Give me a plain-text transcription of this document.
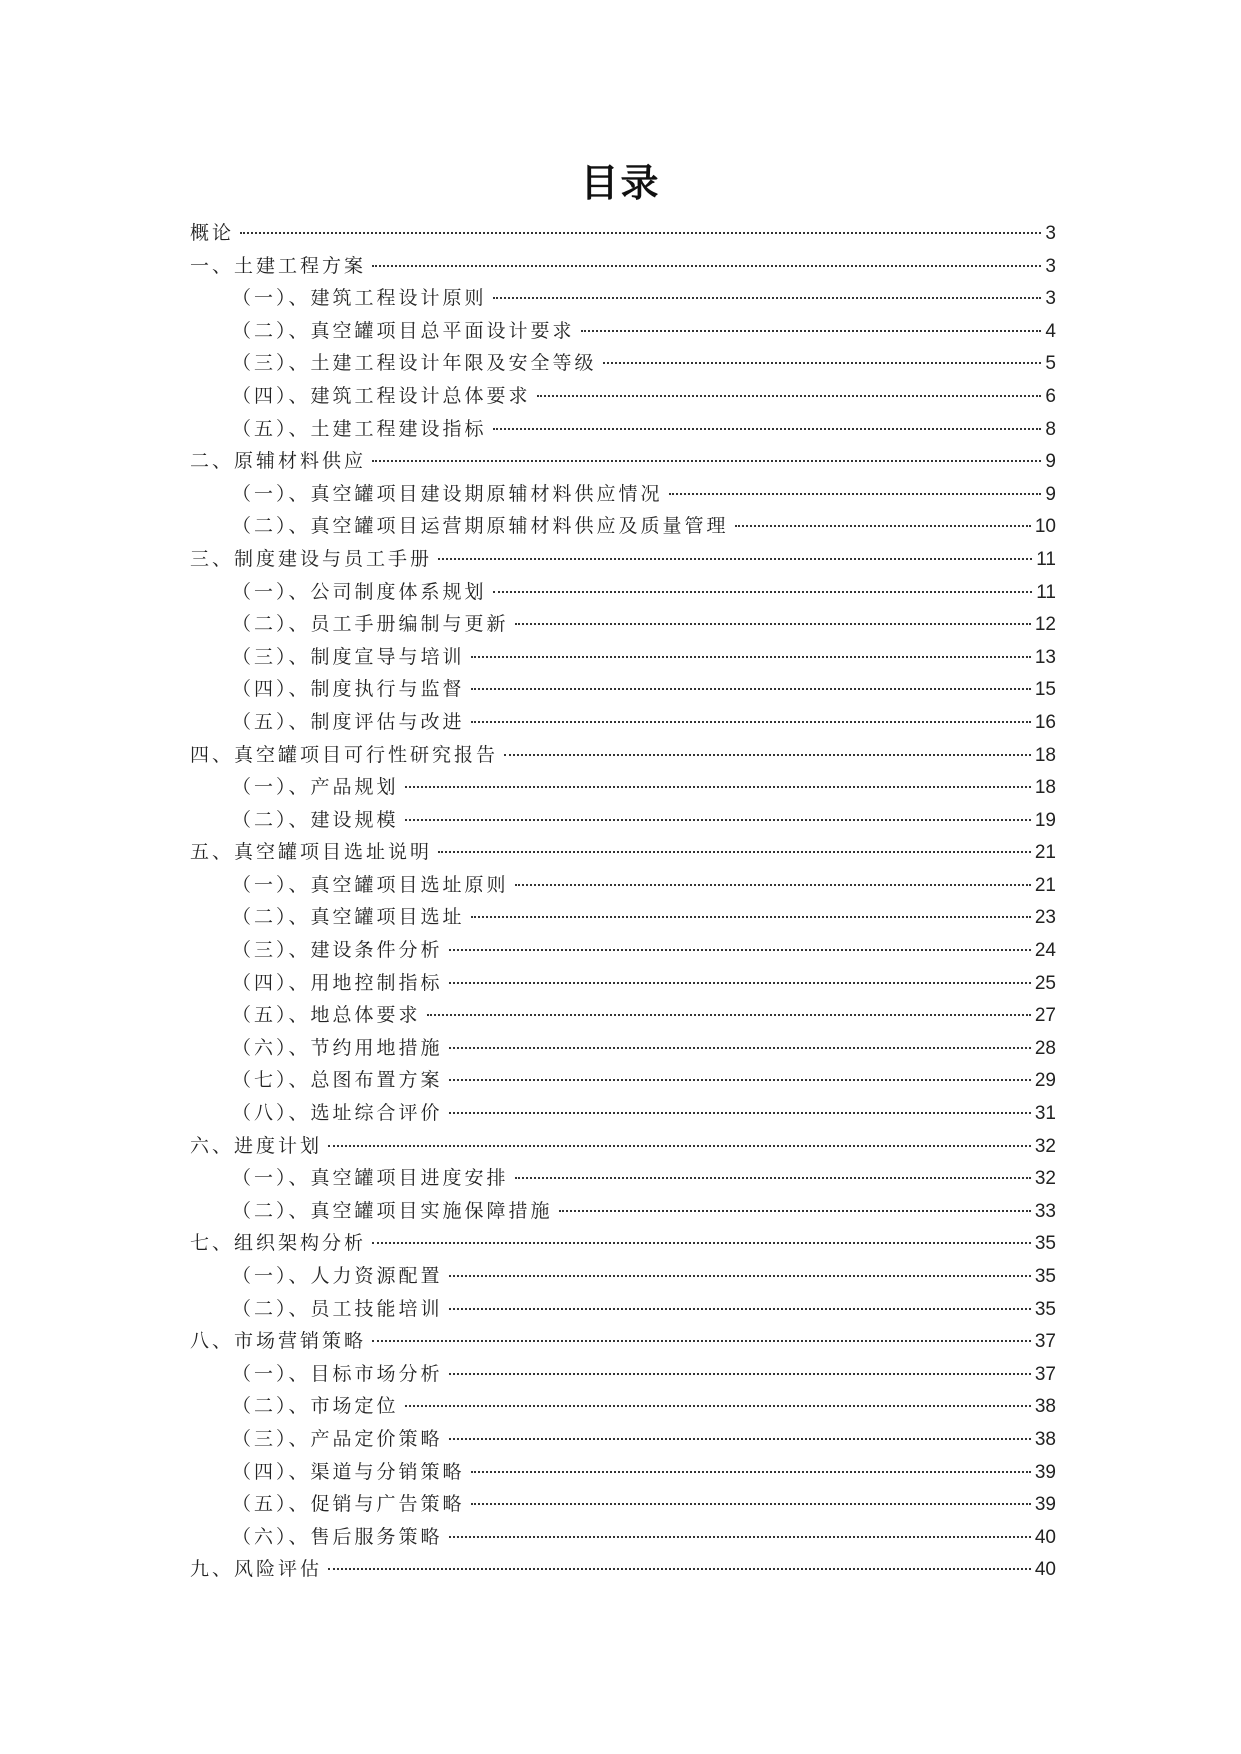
目录
概论	3
一、土建工程方案	3
（一）、建筑工程设计原则	3
（二）、真空罐项目总平面设计要求	4
（三）、土建工程设计年限及安全等级	5
（四）、建筑工程设计总体要求	6
（五）、土建工程建设指标	8
二、原辅材料供应	9
（一）、真空罐项目建设期原辅材料供应情况	9
（二）、真空罐项目运营期原辅材料供应及质量管理	10
三、制度建设与员工手册	11
（一）、公司制度体系规划	11
（二）、员工手册编制与更新	12
（三）、制度宣导与培训	13
（四）、制度执行与监督	15
（五）、制度评估与改进	16
四、真空罐项目可行性研究报告	18
（一）、产品规划	18
（二）、建设规模	19
五、真空罐项目选址说明	21
（一）、真空罐项目选址原则	21
（二）、真空罐项目选址	23
（三）、建设条件分析	24
（四）、用地控制指标	25
（五）、地总体要求	27
（六）、节约用地措施	28
（七）、总图布置方案	29
（八）、选址综合评价	31
六、进度计划	32
（一）、真空罐项目进度安排	32
（二）、真空罐项目实施保障措施	33
七、组织架构分析	35
（一）、人力资源配置	35
（二）、员工技能培训	35
八、市场营销策略	37
（一）、目标市场分析	37
（二）、市场定位	38
（三）、产品定价策略	38
（四）、渠道与分销策略	39
（五）、促销与广告策略	39
（六）、售后服务策略	40
九、风险评估	40
